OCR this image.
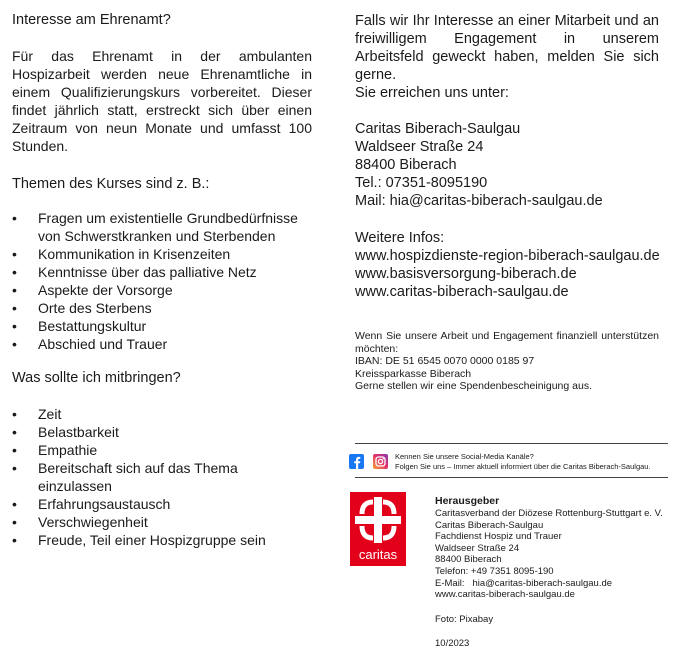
Interesse am Ehrenamt?

Für das Ehrenamt in der ambulanten Hospizarbeit werden neue Ehrenamtliche in einem Qualifizierungskurs vorbereitet. Dieser findet jährlich statt, erstreckt sich über einen Zeitraum von neun Monate und umfasst 100 Stunden.

Themen des Kurses sind z. B.:
• Fragen um existentielle Grundbedürfnisse von Schwerstkranken und Sterbenden
• Kommunikation in Krisenzeiten
• Kenntnisse über das palliative Netz
• Aspekte der Vorsorge
• Orte des Sterbens
• Bestattungskultur
• Abschied und Trauer
Was sollte ich mitbringen?
• Zeit
• Belastbarkeit
• Empathie
• Bereitschaft sich auf das Thema einzulassen
• Erfahrungsaustausch
• Verschwiegenheit
• Freude, Teil einer Hospizgruppe sein

Falls wir Ihr Interesse an einer Mitarbeit und an freiwilligem Engagement in unserem Arbeitsfeld geweckt haben, melden Sie sich gerne.

Sie erreichen uns unter:
Caritas Biberach-Saulgau
Waldseer Straße 24
88400 Biberach
Tel.: 07351-8095190
Mail: hia@caritas-biberach-saulgau.de
Weitere Infos:
www.hospizdienste-region-biberach-saulgau.de
www.basisversorgung-biberach.de
www.caritas-biberach-saulgau.de

Wenn Sie unsere Arbeit und Engagement finanziell unterstützen möchten:

IBAN: DE 51 6545 0070 0000 0185 97
Kreissparkasse Biberach
Gerne stellen wir eine Spendenbescheinigung aus.
Kennen Sie unsere Social-Media Kanäle?
Folgen Sie uns – Immer aktuell informiert über die Caritas Biberach-Saulgau.
Herausgeber
Caritasverband der Diözese Rottenburg-Stuttgart e. V.
Caritas Biberach-Saulgau
Fachdienst Hospiz und Trauer
Waldseer Straße 24
88400 Biberach
Telefon: +49 7351 8095-190
E-Mail:   hia@caritas-biberach-saulgau.de
www.caritas-biberach-saulgau.de
Foto: Pixabay
10/2023
caritas
